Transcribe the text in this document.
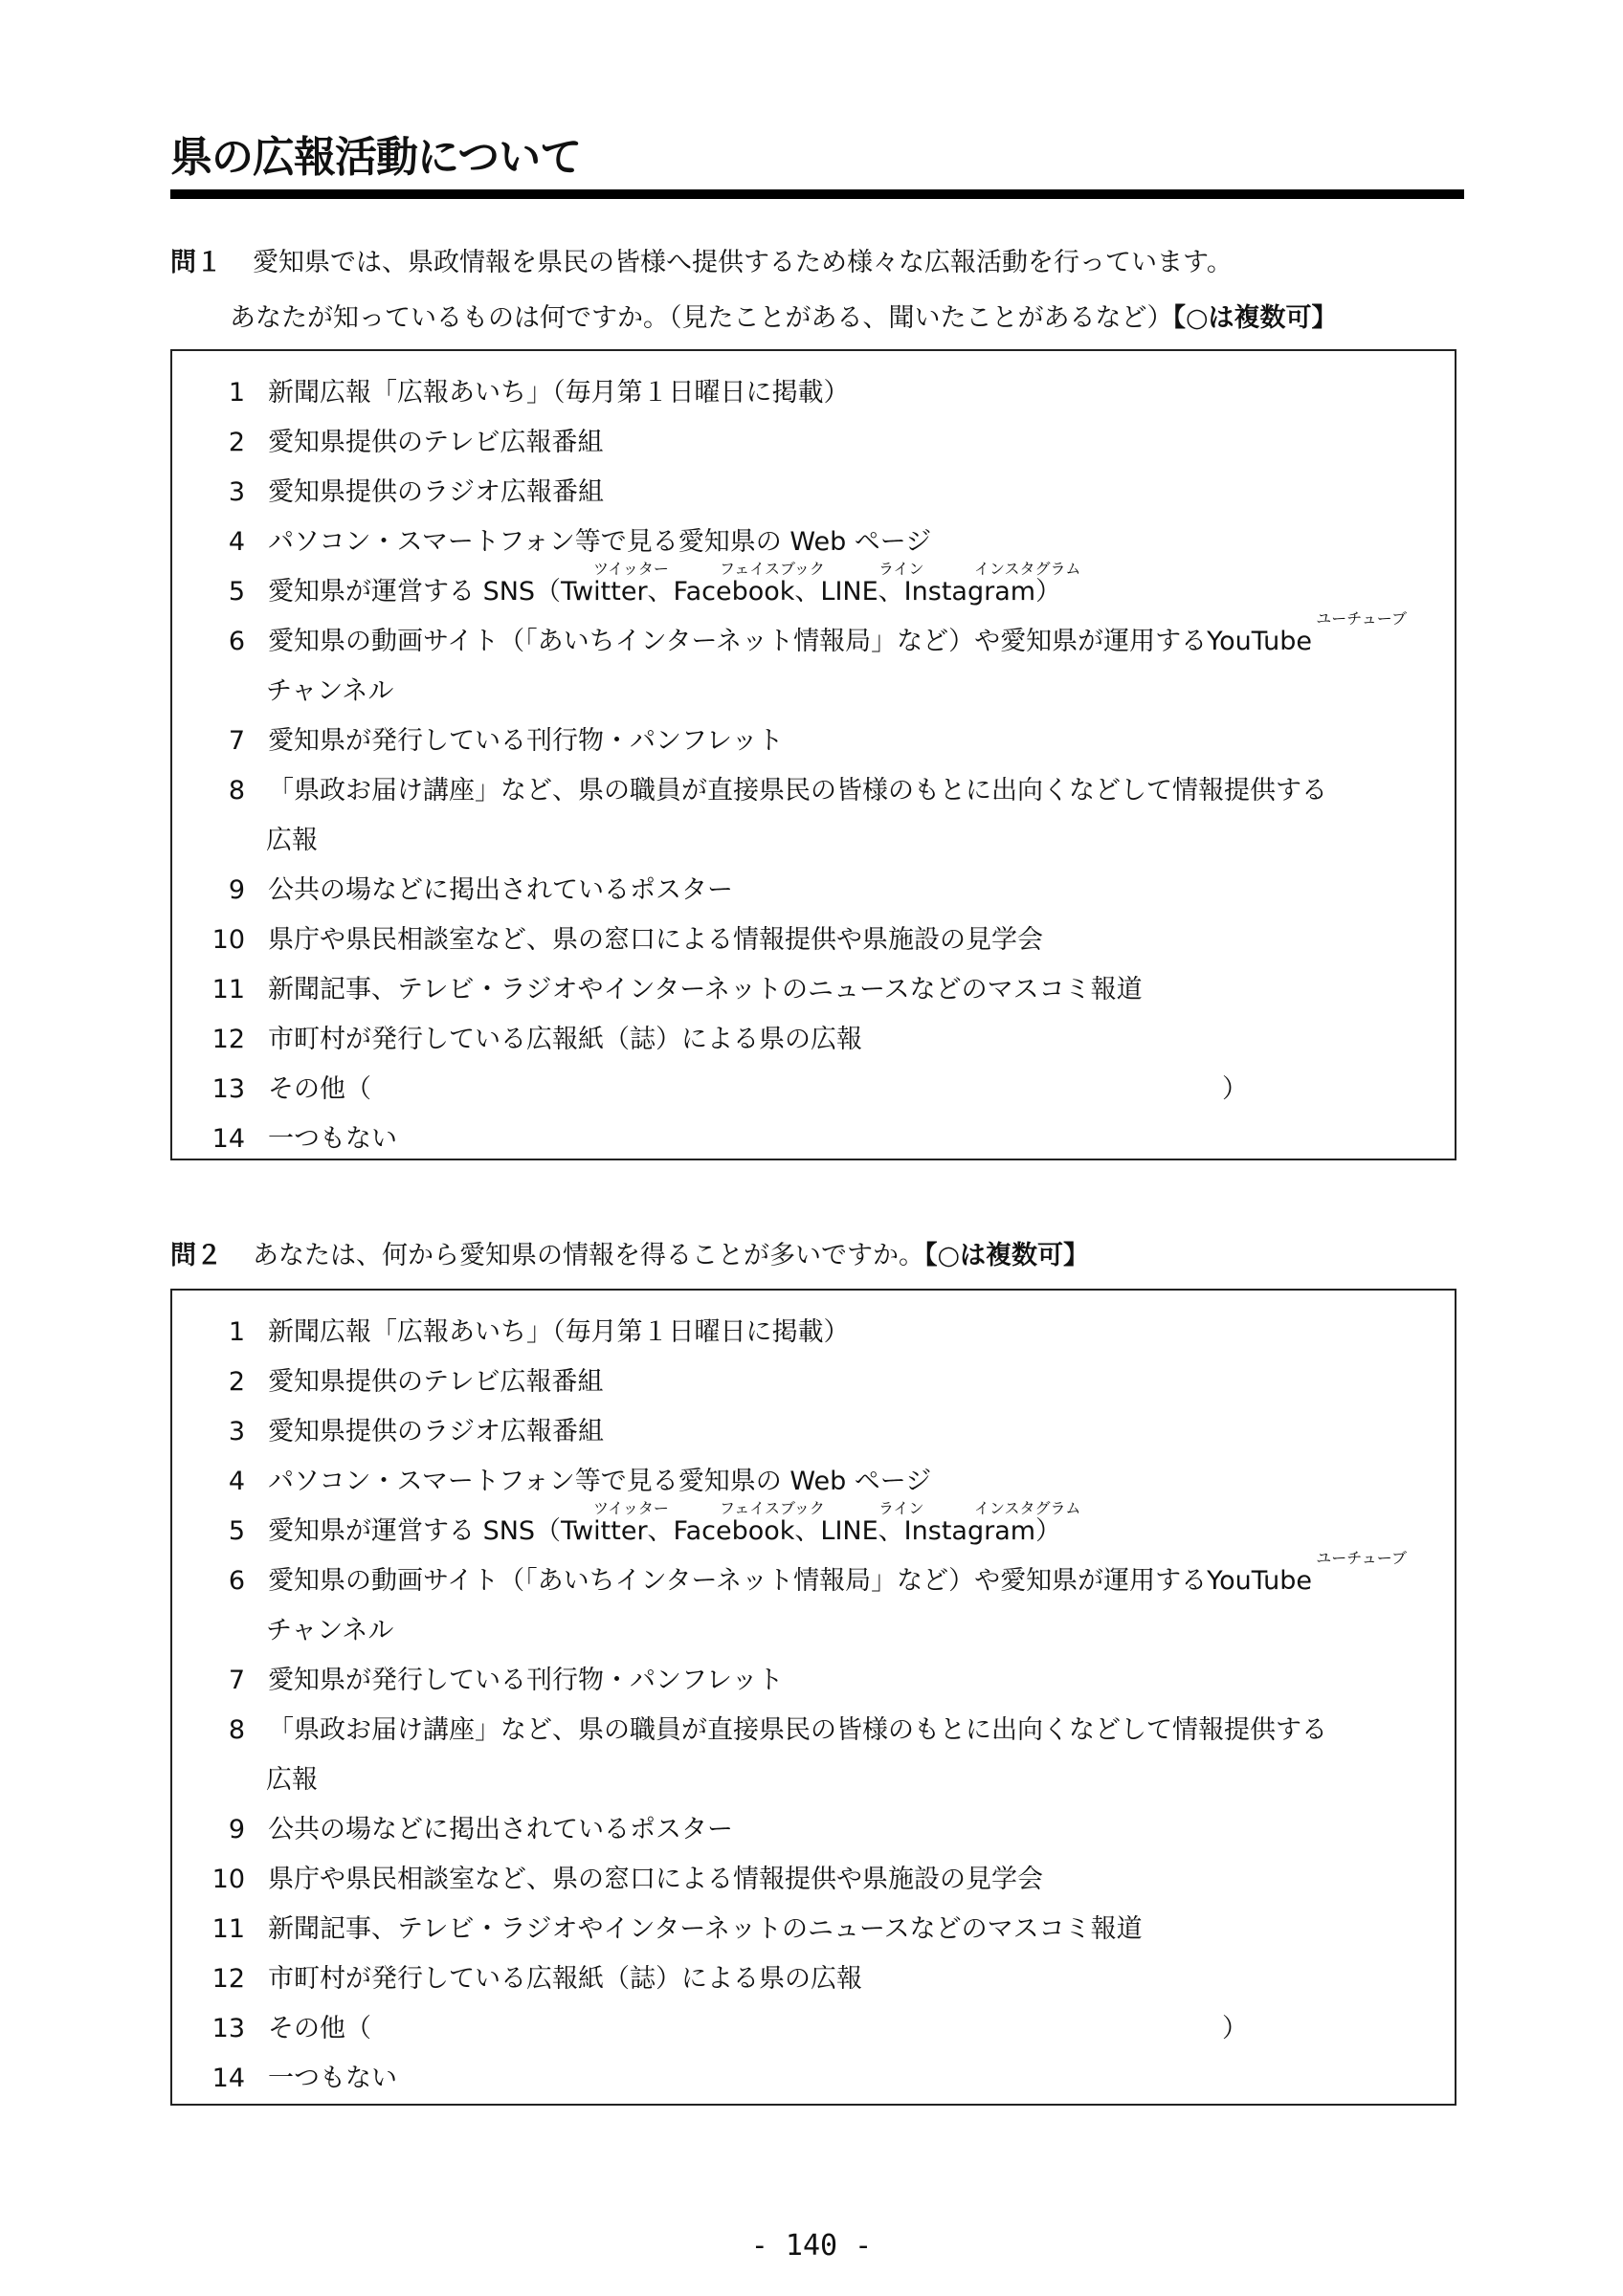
県の広報活動について
問１ 愛知県では、県政情報を県民の皆様へ提供するため様々な広報活動を行っています。
あなたが知っているものは何ですか。（見たことがある、聞いたことがあるなど）【○は複数可】
1 新聞広報「広報あいち」（毎月第１日曜日に掲載）
2 愛知県提供のテレビ広報番組
3 愛知県提供のラジオ広報番組
4 パソコン・スマートフォン等で見る愛知県の Web ページ
5
ツイッター	フェイスブック	ライン	インスタグラム
愛知県が運営する SNS（Twitter、Facebook、LINE、Instagram）
6
ユーチューブ
愛知県の動画サイト（「あいちインターネット情報局」など）や愛知県が運用するYouTube
チャンネル
7 愛知県が発行している刊行物・パンフレット
8 「県政お届け講座」など、県の職員が直接県民の皆様のもとに出向くなどして情報提供する
広報
9 公共の場などに掲出されているポスター
10 県庁や県民相談室など、県の窓口による情報提供や県施設の見学会
11 新聞記事、テレビ・ラジオやインターネットのニュースなどのマスコミ報道
12 市町村が発行している広報紙（誌）による県の広報
13 その他（	）
14 一つもない
問２ あなたは、何から愛知県の情報を得ることが多いですか。【○は複数可】
1 新聞広報「広報あいち」（毎月第１日曜日に掲載）
2 愛知県提供のテレビ広報番組
3 愛知県提供のラジオ広報番組
4 パソコン・スマートフォン等で見る愛知県の Web ページ
5
ツイッター	フェイスブック	ライン	インスタグラム
愛知県が運営する SNS（Twitter、Facebook、LINE、Instagram）
6
ユーチューブ
愛知県の動画サイト（「あいちインターネット情報局」など）や愛知県が運用するYouTube
チャンネル
7 愛知県が発行している刊行物・パンフレット
8 「県政お届け講座」など、県の職員が直接県民の皆様のもとに出向くなどして情報提供する
広報
9 公共の場などに掲出されているポスター
10 県庁や県民相談室など、県の窓口による情報提供や県施設の見学会
11 新聞記事、テレビ・ラジオやインターネットのニュースなどのマスコミ報道
12 市町村が発行している広報紙（誌）による県の広報
13 その他（	）
14 一つもない
- 140 -
